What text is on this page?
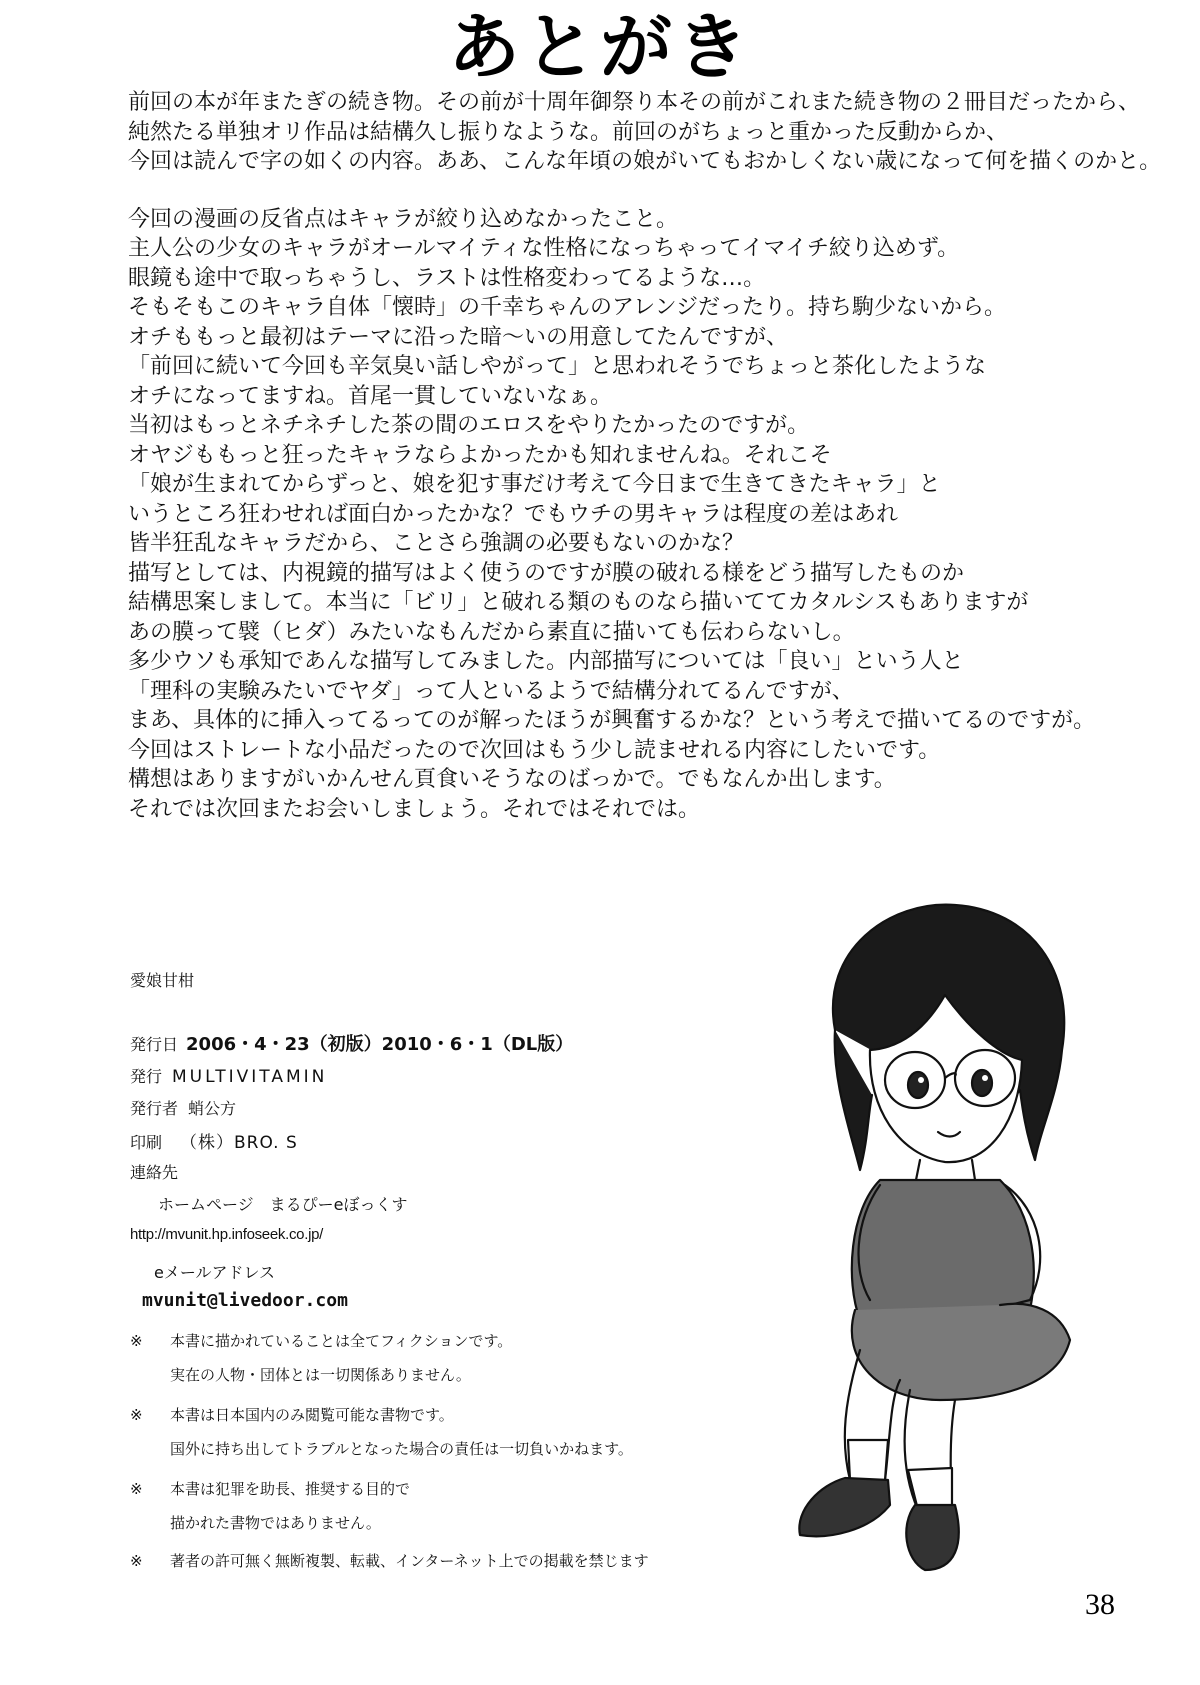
あとがき
前回の本が年またぎの続き物。その前が十周年御祭り本その前がこれまた続き物の２冊目だったから、
純然たる単独オリ作品は結構久し振りなような。前回のがちょっと重かった反動からか、
今回は読んで字の如くの内容。ああ、こんな年頃の娘がいてもおかしくない歳になって何を描くのかと。
今回の漫画の反省点はキャラが絞り込めなかったこと。
主人公の少女のキャラがオールマイティな性格になっちゃってイマイチ絞り込めず。
眼鏡も途中で取っちゃうし、ラストは性格変わってるような…。
そもそもこのキャラ自体「懐時」の千幸ちゃんのアレンジだったり。持ち駒少ないから。
オチももっと最初はテーマに沿った暗～いの用意してたんですが、
「前回に続いて今回も辛気臭い話しやがって」と思われそうでちょっと茶化したような
オチになってますね。首尾一貫していないなぁ。
当初はもっとネチネチした茶の間のエロスをやりたかったのですが。
オヤジももっと狂ったキャラならよかったかも知れませんね。それこそ
「娘が生まれてからずっと、娘を犯す事だけ考えて今日まで生きてきたキャラ」と
いうところ狂わせれば面白かったかな？でもウチの男キャラは程度の差はあれ
皆半狂乱なキャラだから、ことさら強調の必要もないのかな？
描写としては、内視鏡的描写はよく使うのですが膜の破れる様をどう描写したものか
結構思案しまして。本当に「ビリ」と破れる類のものなら描いててカタルシスもありますが
あの膜って襞（ヒダ）みたいなもんだから素直に描いても伝わらないし。
多少ウソも承知であんな描写してみました。内部描写については「良い」という人と
「理科の実験みたいでヤダ」って人といるようで結構分れてるんですが、
まあ、具体的に挿入ってるってのが解ったほうが興奮するかな？という考えで描いてるのですが。
今回はストレートな小品だったので次回はもう少し読ませれる内容にしたいです。
構想はありますがいかんせん頁食いそうなのばっかで。でもなんか出します。
それでは次回またお会いしましょう。それではそれでは。
愛娘甘柑
発行日 2006・4・23（初版）2010・6・1（DL版）
発行 MULTIVITAMIN
発行者 蛸公方
印刷 （株）BRO. S
連絡先
ホームページ　まるぴーeぼっくす
http://mvunit.hp.infoseek.co.jp/
eメールアドレス
mvunit@livedoor.com
※ 本書に描かれていることは全てフィクションです。
実在の人物・団体とは一切関係ありません。
※ 本書は日本国内のみ閲覧可能な書物です。
国外に持ち出してトラブルとなった場合の責任は一切負いかねます。
※ 本書は犯罪を助長、推奨する目的で
描かれた書物ではありません。
※ 著者の許可無く無断複製、転載、インターネット上での掲載を禁じます
38
